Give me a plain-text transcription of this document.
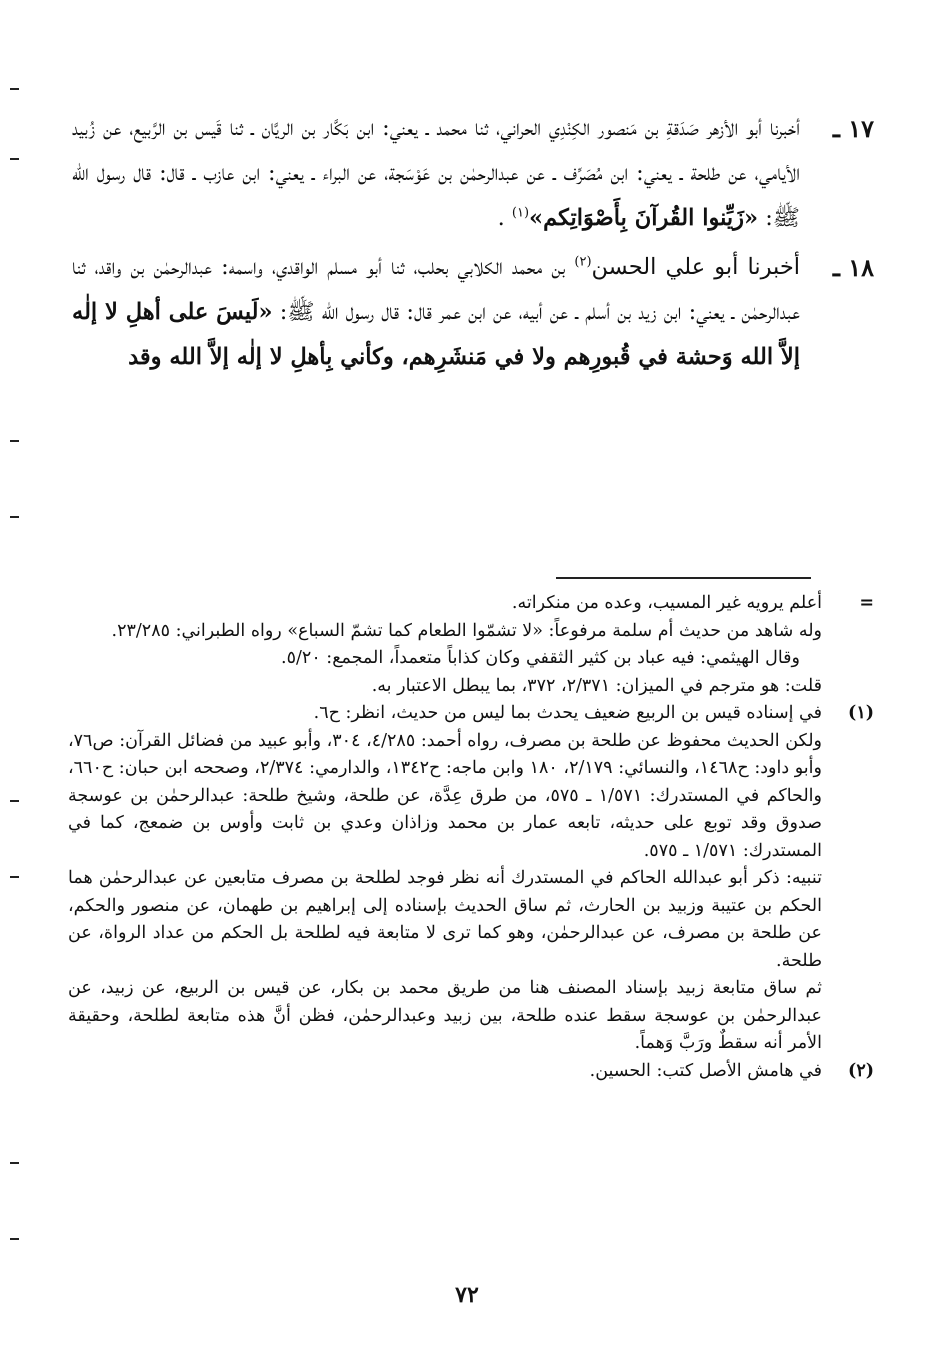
١٧ ـ
أخبرنا أبو الأزهر صَدَقةِ بن مَنصور الكِنْدِي الحراني، ثنا محمد ـ يعني: ابن بَكَّار بن الريَّان ـ ثنا قَيس بن الرَّبيع، عن زُبيد الأيامي، عن طلحة ـ يعني: ابن مُصَرِّف ـ عن عبدالرحمٰن بن عَوْسَجة، عن البراء ـ يعني: ابن عازب ـ قال: قال رسول الله ﷺ: «زَيِّنوا القُرآنَ بِأَصْوَاتِكم»$^{(١)}$ .
١٨ ـ
أخبرنا أبو علي الحسن$^{(٢)}$ بن محمد الكلابي بحلب، ثنا أبو مسلم الواقدي، واسمه: عبدالرحمٰن بن واقد، ثنا عبدالرحمٰن ـ يعني: ابن زيد بن أسلم ـ عن أبيه، عن ابن عمر قال: قال رسول الله ﷺ: «لَيسَ على أهلِ لا إلٰه إلاَّ الله وَحشة في قُبورِهم ولا في مَنشَرِهم، وكأني بِأهلِ لا إلٰه إلاَّ الله وقد
=

أعلم يرويه غير المسيب، وعده من منكراته.

وله شاهد من حديث أم سلمة مرفوعاً: «لا تشمّوا الطعام كما تشمّ السباع» رواه الطبراني: ٢٣/٢٨٥.

وقال الهيثمي: فيه عباد بن كثير الثقفي وكان كذاباً متعمداً، المجمع: ٥/٢٠.

قلت: هو مترجم في الميزان: ٢/٣٧١، ٣٧٢، بما يبطل الاعتبار به.

(١)

في إسناده قيس بن الربيع ضعيف يحدث بما ليس من حديث، انظر: ح٦.

ولكن الحديث محفوظ عن طلحة بن مصرف، رواه أحمد: ٤/٢٨٥، ٣٠٤، وأبو عبيد من فضائل القرآن: ص٧٦، وأبو داود: ح١٤٦٨، والنسائي: ٢/١٧٩، ١٨٠ وابن ماجه: ح١٣٤٢، والدارمي: ٢/٣٧٤، وصححه ابن حبان: ح٦٦٠، والحاكم في المستدرك: ١/٥٧١ ـ ٥٧٥، من طرق عِدَّة، عن طلحة، وشيخ طلحة: عبدالرحمٰن بن عوسجة صدوق وقد توبع على حديثه، تابعه عمار بن محمد وزاذان وعدي بن ثابت وأوس بن ضمعج، كما في المستدرك: ١/٥٧١ ـ ٥٧٥.

تنبيه: ذكر أبو عبدالله الحاكم في المستدرك أنه نظر فوجد لطلحة بن مصرف متابعين عن عبدالرحمٰن هما الحكم بن عتيبة وزبيد بن الحارث، ثم ساق الحديث بإسناده إلى إبراهيم بن طهمان، عن منصور والحكم، عن طلحة بن مصرف، عن عبدالرحمٰن، وهو كما ترى لا متابعة فيه لطلحة بل الحكم من عداد الرواة، عن طلحة.

ثم ساق متابعة زبيد بإسناد المصنف هنا من طريق محمد بن بكار، عن قيس بن الربيع، عن زبيد، عن عبدالرحمٰن بن عوسجة سقط عنده طلحة، بين زبيد وعبدالرحمٰن، فظن أنَّ هذه متابعة لطلحة، وحقيقة الأمر أنه سقطٌ ورَبَّ وَهماً.

(٢)

في هامش الأصل كتب: الحسين.

٧٢
